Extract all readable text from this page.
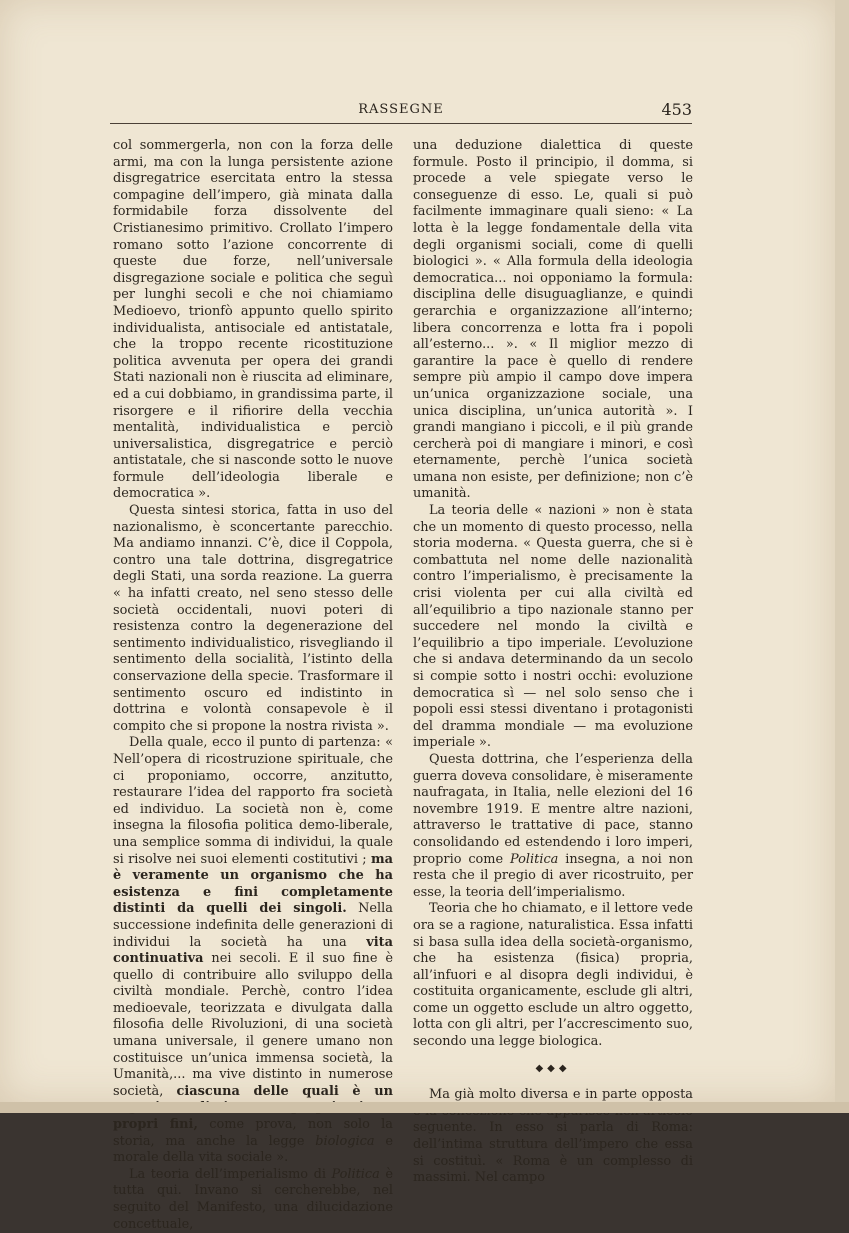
RASSEGNE	453

col sommergerla, non con la forza delle armi, ma con la lunga persistente azione disgregatrice esercitata entro la stessa compagine dell’impero, già minata dalla formidabile forza dissolvente del Cristianesimo primitivo. Crollato l’impero romano sotto l’azione concorrente di queste due forze, nell’universale disgregazione sociale e politica che seguì per lunghi secoli e che noi chiamiamo Medioevo, trionfò appunto quello spirito individualista, antisociale ed antistatale, che la troppo recente ricostituzione politica avvenuta per opera dei grandi Stati nazionali non è riuscita ad eliminare, ed a cui dobbiamo, in grandissima parte, il risorgere e il rifiorire della vecchia mentalità, individualistica e perciò universalistica, disgregatrice e perciò antistatale, che si nasconde sotto le nuove formule dell’ideologia liberale e democratica ».

Questa sintesi storica, fatta in uso del nazionalismo, è sconcertante parecchio. Ma andiamo innanzi. C’è, dice il Coppola, contro una tale dottrina, disgregatrice degli Stati, una sorda reazione. La guerra « ha infatti creato, nel seno stesso delle società occidentali, nuovi poteri di resistenza contro la degenerazione del sentimento individualistico, risvegliando il sentimento della socialità, l’istinto della conservazione della specie. Trasformare il sentimento oscuro ed indistinto in dottrina e volontà consapevole è il compito che si propone la nostra rivista ».

Della quale, ecco il punto di partenza: « Nell’opera di ricostruzione spirituale, che ci proponiamo, occorre, anzitutto, restaurare l’idea del rapporto fra società ed individuo. La società non è, come insegna la filosofia politica demo-liberale, una semplice somma di individui, la quale si risolve nei suoi elementi costitutivi ; ma è veramente un organismo che ha esistenza e fini completamente distinti da quelli dei singoli. Nella successione indefinita delle generazioni di individui la società ha una vita continuativa nei secoli. E il suo fine è quello di contribuire allo sviluppo della civiltà mondiale. Perchè, contro l’idea medioevale, teorizzata e divulgata dalla filosofia delle Rivoluzioni, di una società umana universale, il genere umano non costituisce un’unica immensa società, la Umanità,... ma vive distinto in numerose società, ciascuna delle quali è un organismo distinto con propria vita e propri fini, come prova, non solo la storia, ma anche la legge biologica e morale della vita sociale ».

La teoria dell’imperialismo di Politica è tutta qui. Invano si cercherebbe, nel seguito del Manifesto, una dilucidazione

una deduzione dialettica di queste formule. Posto il principio, il domma, si procede a vele spiegate verso le conseguenze di esso. Le, quali si può facilmente immaginare quali sieno: « La lotta è la legge fondamentale della vita degli organismi sociali, come di quelli biologici ». « Alla formula della ideologia democratica... noi opponiamo la formula: disciplina delle disuguaglianze, e quindi gerarchia e organizzazione all’interno; libera concorrenza e lotta fra i popoli all’esterno... ». « Il miglior mezzo di garantire la pace è quello di rendere sempre più ampio il campo dove impera un’unica organizzazione sociale, una unica disciplina, un’unica autorità ». I grandi mangiano i piccoli, e il più grande cercherà poi di mangiare i minori, e così eternamente, perchè l’unica società umana non esiste, per definizione; non c’è umanità.

La teoria delle « nazioni » non è stata che un momento di questo processo, nella storia moderna. « Questa guerra, che si è combattuta nel nome delle nazionalità contro l’imperialismo, è precisamente la crisi violenta per cui alla civiltà ed all’equilibrio a tipo nazionale stanno per succedere nel mondo la civiltà e l’equilibrio a tipo imperiale. L’evoluzione che si andava determinando da un secolo si compie sotto i nostri occhi: evoluzione democratica sì — nel solo senso che i popoli essi stessi diventano i protagonisti del dramma mondiale — ma evoluzione imperiale ».

Questa dottrina, che l’esperienza della guerra doveva consolidare, è miseramente naufragata, in Italia, nelle elezioni del 16 novembre 1919. E mentre altre nazioni, attraverso le trattative di pace, stanno consolidando ed estendendo i loro imperi, proprio come Politica insegna, a noi non resta che il pregio di aver ricostruito, per esse, la teoria dell’imperialismo.

Teoria che ho chiamato, e il lettore vede ora se a ragione, naturalistica. Essa infatti si basa sulla idea della società-organismo, che ha esistenza (fisica) propria, all’infuori e al disopra degli individui, è costituita organicamente, esclude gli altri, come un oggetto esclude un altro oggetto, lotta con gli altri, per l’accrescimento suo, secondo una legge biologica.

◆◆◆

Ma già molto diversa e in parte opposta è la concezione che apparisce nell’articolo seguente. In esso si parla di Roma: dell’intima struttura dell’impero che essa si costituì. « Roma è un complesso di massimi. Nel campo
